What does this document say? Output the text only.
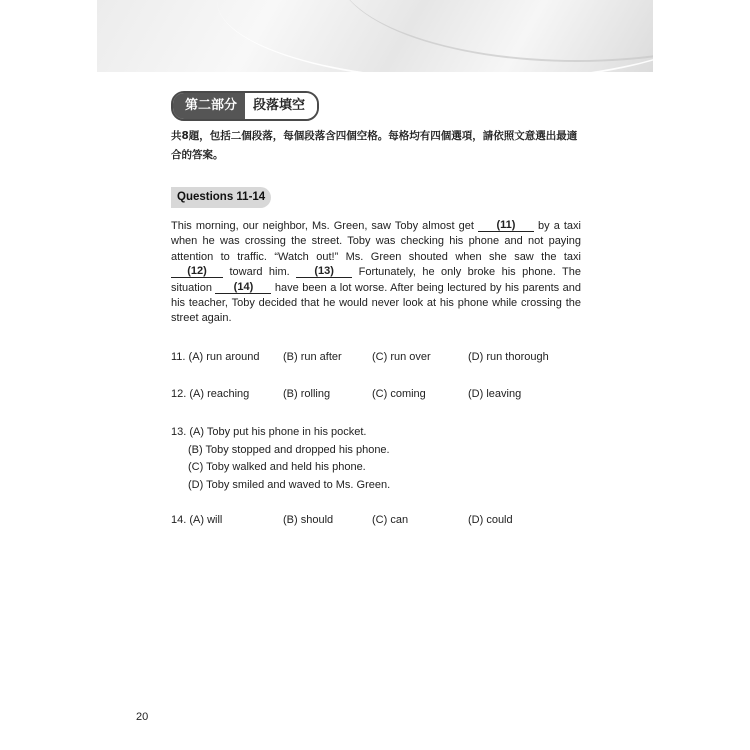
第二部分	段落填空
共8題，包括二個段落，每個段落含四個空格。每格均有四個選項，請依照文意選出最適合的答案。
Questions 11-14
This morning, our neighbor, Ms. Green, saw Toby almost get (11) by a taxi when he was crossing the street. Toby was checking his phone and not paying attention to traffic. “Watch out!” Ms. Green shouted when she saw the taxi (12) toward him. (13) Fortunately, he only broke his phone. The situation (14) have been a lot worse. After being lectured by his parents and his teacher, Toby decided that he would never look at his phone while crossing the street again.
11. (A) run around (B) run after	(C) run over	(D) run thorough
12. (A) reaching	(B) rolling	(C) coming	(D) leaving
13. (A) Toby put his phone in his pocket.
(B) Toby stopped and dropped his phone.
(C) Toby walked and held his phone.
(D) Toby smiled and waved to Ms. Green.
14. (A) will	(B) should	(C) can	(D) could
20
